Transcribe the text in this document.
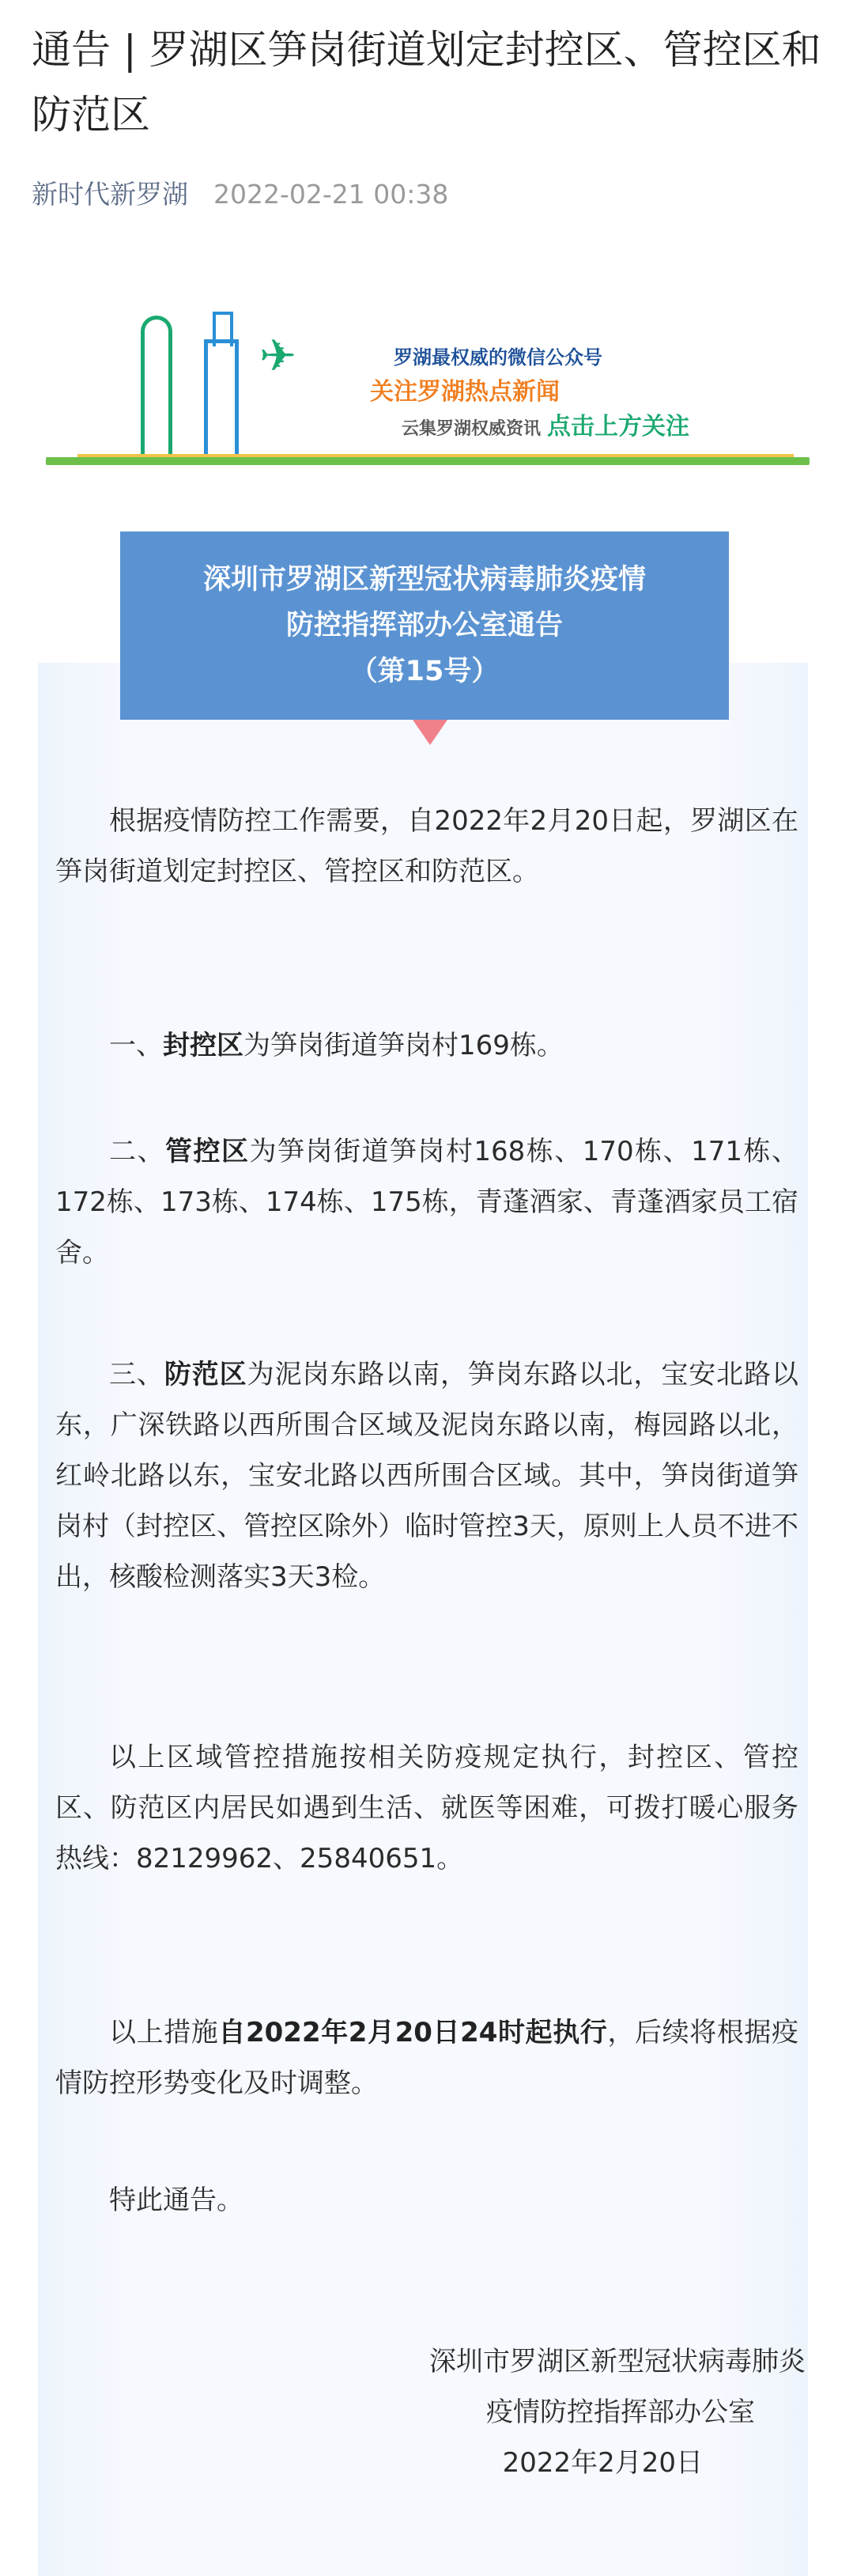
通告 | 罗湖区笋岗街道划定封控区、管控区和防范区
新时代新罗湖 2022-02-21 00:38
✈	罗湖最权威的微信公众号
关注罗湖热点新闻
云集罗湖权威资讯 点击上方关注
深圳市罗湖区新型冠状病毒肺炎疫情
防控指挥部办公室通告
（第15号）

根据疫情防控工作需要，自2022年2月20日起，罗湖区在笋岗街道划定封控区、管控区和防范区。

一、封控区为笋岗街道笋岗村169栋。

二、管控区为笋岗街道笋岗村168栋、170栋、171栋、172栋、173栋、174栋、175栋，青蓬酒家、青蓬酒家员工宿舍。

三、防范区为泥岗东路以南，笋岗东路以北，宝安北路以东，广深铁路以西所围合区域及泥岗东路以南，梅园路以北，红岭北路以东，宝安北路以西所围合区域。其中，笋岗街道笋岗村（封控区、管控区除外）临时管控3天，原则上人员不进不出，核酸检测落实3天3检。

以上区域管控措施按相关防疫规定执行，封控区、管控区、防范区内居民如遇到生活、就医等困难，可拨打暖心服务热线：82129962、25840651。

以上措施自2022年2月20日24时起执行，后续将根据疫情防控形势变化及时调整。

特此通告。

深圳市罗湖区新型冠状病毒肺炎
疫情防控指挥部办公室
2022年2月20日
